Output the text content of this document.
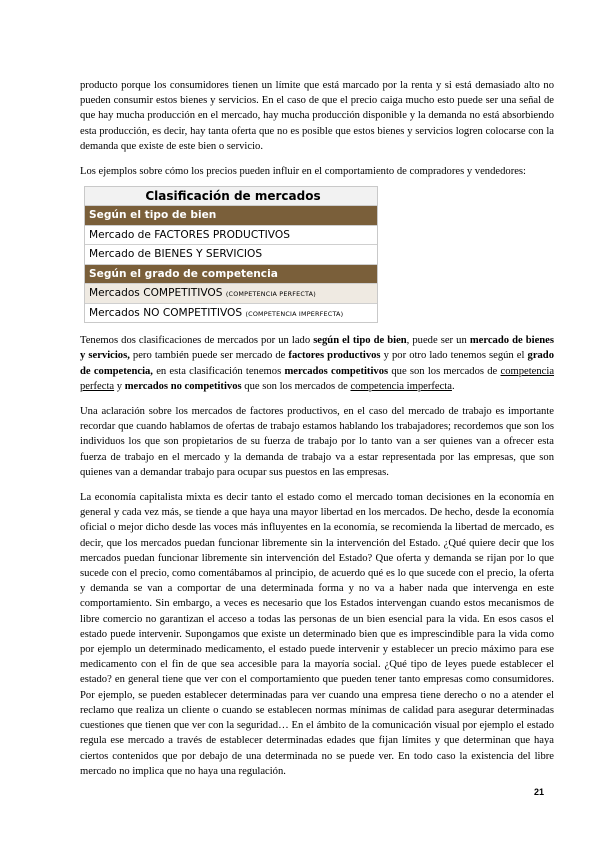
producto porque los consumidores tienen un límite que está marcado por la renta y si está demasiado alto no pueden consumir estos bienes y servicios. En el caso de que el precio caiga mucho esto puede ser una señal de que hay mucha producción en el mercado, hay mucha producción disponible y la demanda no está absorbiendo esta producción, es decir, hay tanta oferta que no es posible que estos bienes y servicios logren colocarse con la demanda que existe de este bien o servicio.

Los ejemplos sobre cómo los precios pueden influir en el comportamiento de compradores y vendedores:

Clasificación de mercados
Según el tipo de bien
Mercado de FACTORES PRODUCTIVOS
Mercado de BIENES Y SERVICIOS
Según el grado de competencia
Mercados COMPETITIVOS (COMPETENCIA PERFECTA)
Mercados NO COMPETITIVOS (COMPETENCIA IMPERFECTA)

Tenemos dos clasificaciones de mercados por un lado según el tipo de bien, puede ser un mercado de bienes y servicios, pero también puede ser mercado de factores productivos y por otro lado tenemos según el grado de competencia, en esta clasificación tenemos mercados competitivos que son los mercados de competencia perfecta y mercados no competitivos que son los mercados de competencia imperfecta.

Una aclaración sobre los mercados de factores productivos, en el caso del mercado de trabajo es importante recordar que cuando hablamos de ofertas de trabajo estamos hablando los trabajadores; recordemos que son los individuos los que son propietarios de su fuerza de trabajo por lo tanto van a ser quienes van a ofrecer esta fuerza de trabajo en el mercado y la demanda de trabajo va a estar representada por las empresas, que son quienes van a demandar trabajo para ocupar sus puestos en las empresas.

La economía capitalista mixta es decir tanto el estado como el mercado toman decisiones en la economía en general y cada vez más, se tiende a que haya una mayor libertad en los mercados. De hecho, desde la economía oficial o mejor dicho desde las voces más influyentes en la economía, se recomienda la libertad de mercado, es decir, que los mercados puedan funcionar libremente sin la intervención del Estado. ¿Qué quiere decir que los mercados puedan funcionar libremente sin intervención del Estado? Que oferta y demanda se rijan por lo que sucede con el precio, como comentábamos al principio, de acuerdo qué es lo que sucede con el precio, la oferta y demanda se van a comportar de una determinada forma y no va a haber nada que intervenga en este comportamiento. Sin embargo, a veces es necesario que los Estados intervengan cuando estos mecanismos de libre comercio no garantizan el acceso a todas las personas de un bien esencial para la vida. En esos casos el estado puede intervenir. Supongamos que existe un determinado bien que es imprescindible para la vida como por ejemplo un determinado medicamento, el estado puede intervenir y establecer un precio máximo para ese medicamento con el fin de que sea accesible para la mayoría social. ¿Qué tipo de leyes puede establecer el estado? en general tiene que ver con el comportamiento que pueden tener tanto empresas como consumidores. Por ejemplo, se pueden establecer determinadas para ver cuando una empresa tiene derecho o no a atender el reclamo que realiza un cliente o cuando se establecen normas mínimas de calidad para asegurar determinadas cuestiones que tienen que ver con la seguridad… En el ámbito de la comunicación visual por ejemplo el estado regula ese mercado a través de establecer determinadas edades que fijan límites y que determinan que haya ciertos contenidos que por debajo de una determinada no se puede ver. En todo caso la existencia del libre mercado no implica que no haya una regulación.

21
